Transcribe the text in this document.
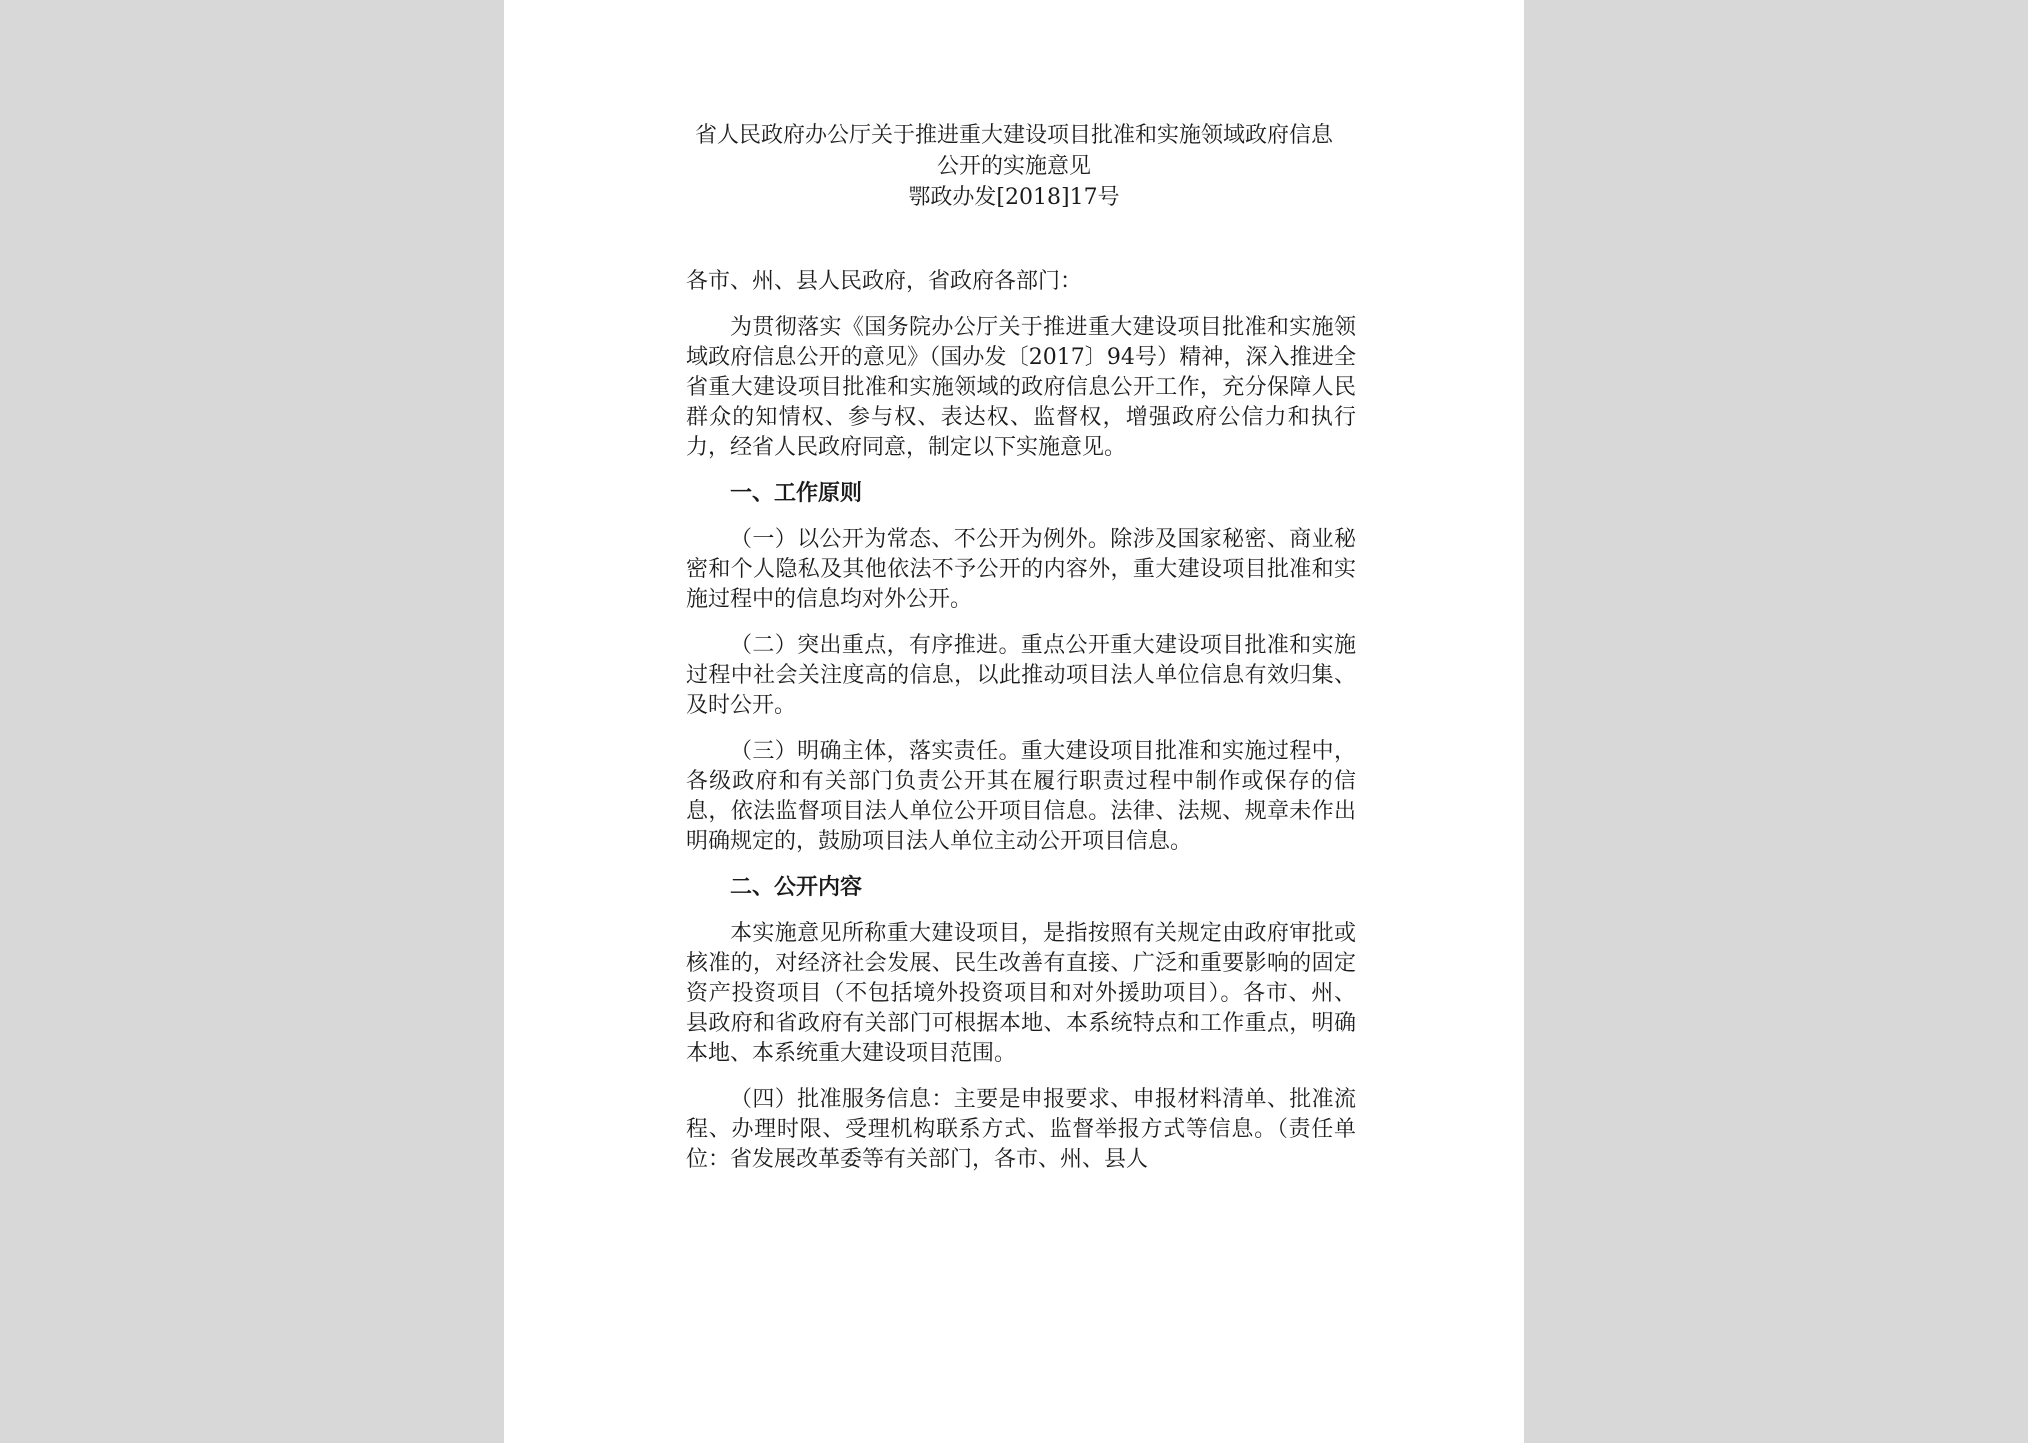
省人民政府办公厅关于推进重大建设项目批准和实施领域政府信息
公开的实施意见
鄂政办发[2018]17号

各市、州、县人民政府，省政府各部门：

为贯彻落实《国务院办公厅关于推进重大建设项目批准和实施领域政府信息公开的意见》（国办发〔2017〕94号）精神，深入推进全省重大建设项目批准和实施领域的政府信息公开工作，充分保障人民群众的知情权、参与权、表达权、监督权，增强政府公信力和执行力，经省人民政府同意，制定以下实施意见。

一、工作原则

（一）以公开为常态、不公开为例外。除涉及国家秘密、商业秘密和个人隐私及其他依法不予公开的内容外，重大建设项目批准和实施过程中的信息均对外公开。

（二）突出重点，有序推进。重点公开重大建设项目批准和实施过程中社会关注度高的信息，以此推动项目法人单位信息有效归集、及时公开。

（三）明确主体，落实责任。重大建设项目批准和实施过程中，各级政府和有关部门负责公开其在履行职责过程中制作或保存的信息，依法监督项目法人单位公开项目信息。法律、法规、规章未作出明确规定的，鼓励项目法人单位主动公开项目信息。

二、公开内容

本实施意见所称重大建设项目，是指按照有关规定由政府审批或核准的，对经济社会发展、民生改善有直接、广泛和重要影响的固定资产投资项目（不包括境外投资项目和对外援助项目）。各市、州、县政府和省政府有关部门可根据本地、本系统特点和工作重点，明确本地、本系统重大建设项目范围。

（四）批准服务信息：主要是申报要求、申报材料清单、批准流程、办理时限、受理机构联系方式、监督举报方式等信息。（责任单位：省发展改革委等有关部门，各市、州、县人
